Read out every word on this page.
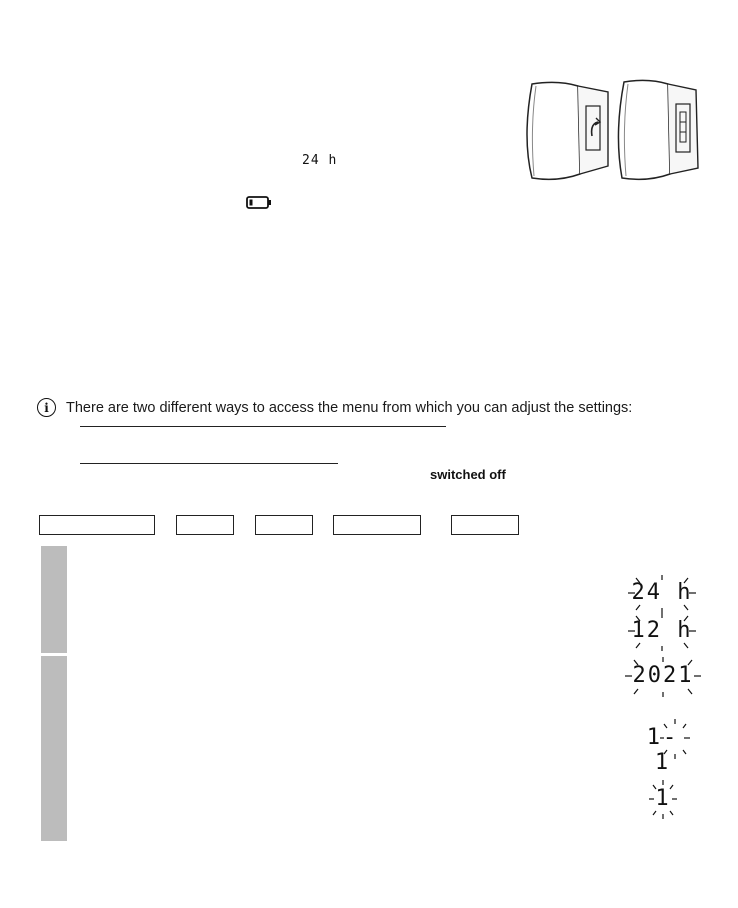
24 h
i	There are two different ways to access the menu from which you can adjust the settings:
switched off
24 h
12 h
2021
1- 1
1
